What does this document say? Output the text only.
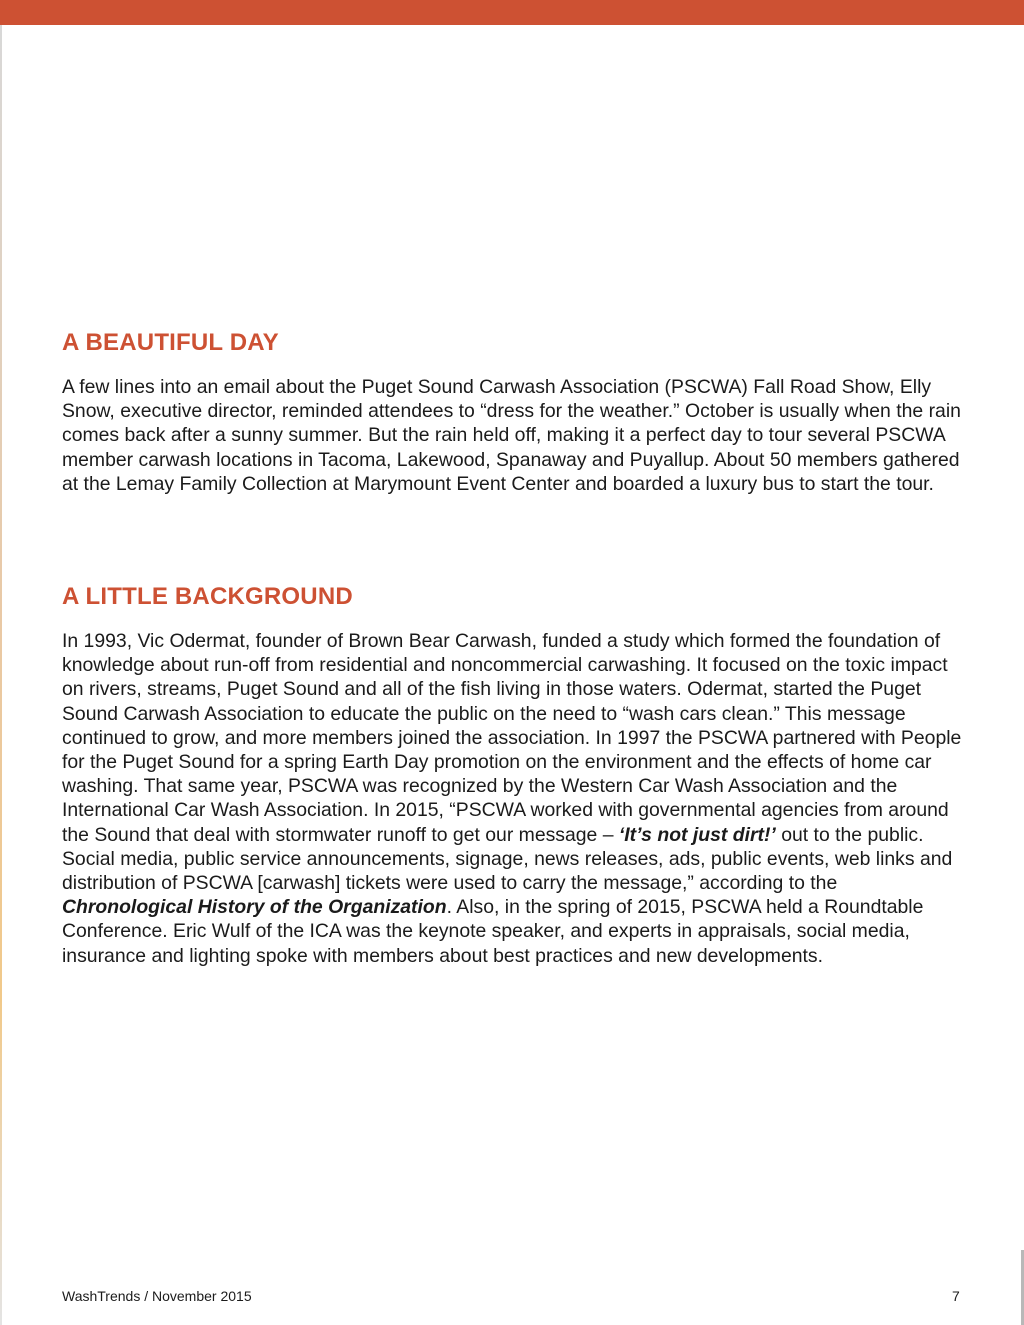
A BEAUTIFUL DAY

A few lines into an email about the Puget Sound Carwash Association (PSCWA) Fall Road Show, Elly Snow, executive director, reminded attendees to “dress for the weather.” October is usually when the rain comes back after a sunny summer. But the rain held off, making it a perfect day to tour several PSCWA member carwash locations in Tacoma, Lakewood, Spanaway and Puyallup. About 50 members gathered at the Lemay Family Collection at Marymount Event Center and boarded a luxury bus to start the tour.

A LITTLE BACKGROUND

In 1993, Vic Odermat, founder of Brown Bear Carwash, funded a study which formed the foundation of knowledge about run-off from residential and noncommercial carwashing. It focused on the toxic impact on rivers, streams, Puget Sound and all of the fish living in those waters. Odermat, started the Puget Sound Carwash Association to educate the public on the need to “wash cars clean.” This message continued to grow, and more members joined the association. In 1997 the PSCWA partnered with People for the Puget Sound for a spring Earth Day promotion on the environment and the effects of home car washing. That same year, PSCWA was recognized by the Western Car Wash Association and the International Car Wash Association. In 2015, “PSCWA worked with governmental agencies from around the Sound that deal with stormwater runoff to get our message – ‘It’s not just dirt!’ out to the public. Social media, public service announcements, signage, news releases, ads, public events, web links and distribution of PSCWA [carwash] tickets were used to carry the message,” according to the Chronological History of the Organization. Also, in the spring of 2015, PSCWA held a Roundtable Conference. Eric Wulf of the ICA was the keynote speaker, and experts in appraisals, social media, insurance and lighting spoke with members about best practices and new developments.

WashTrends / November 2015	7
